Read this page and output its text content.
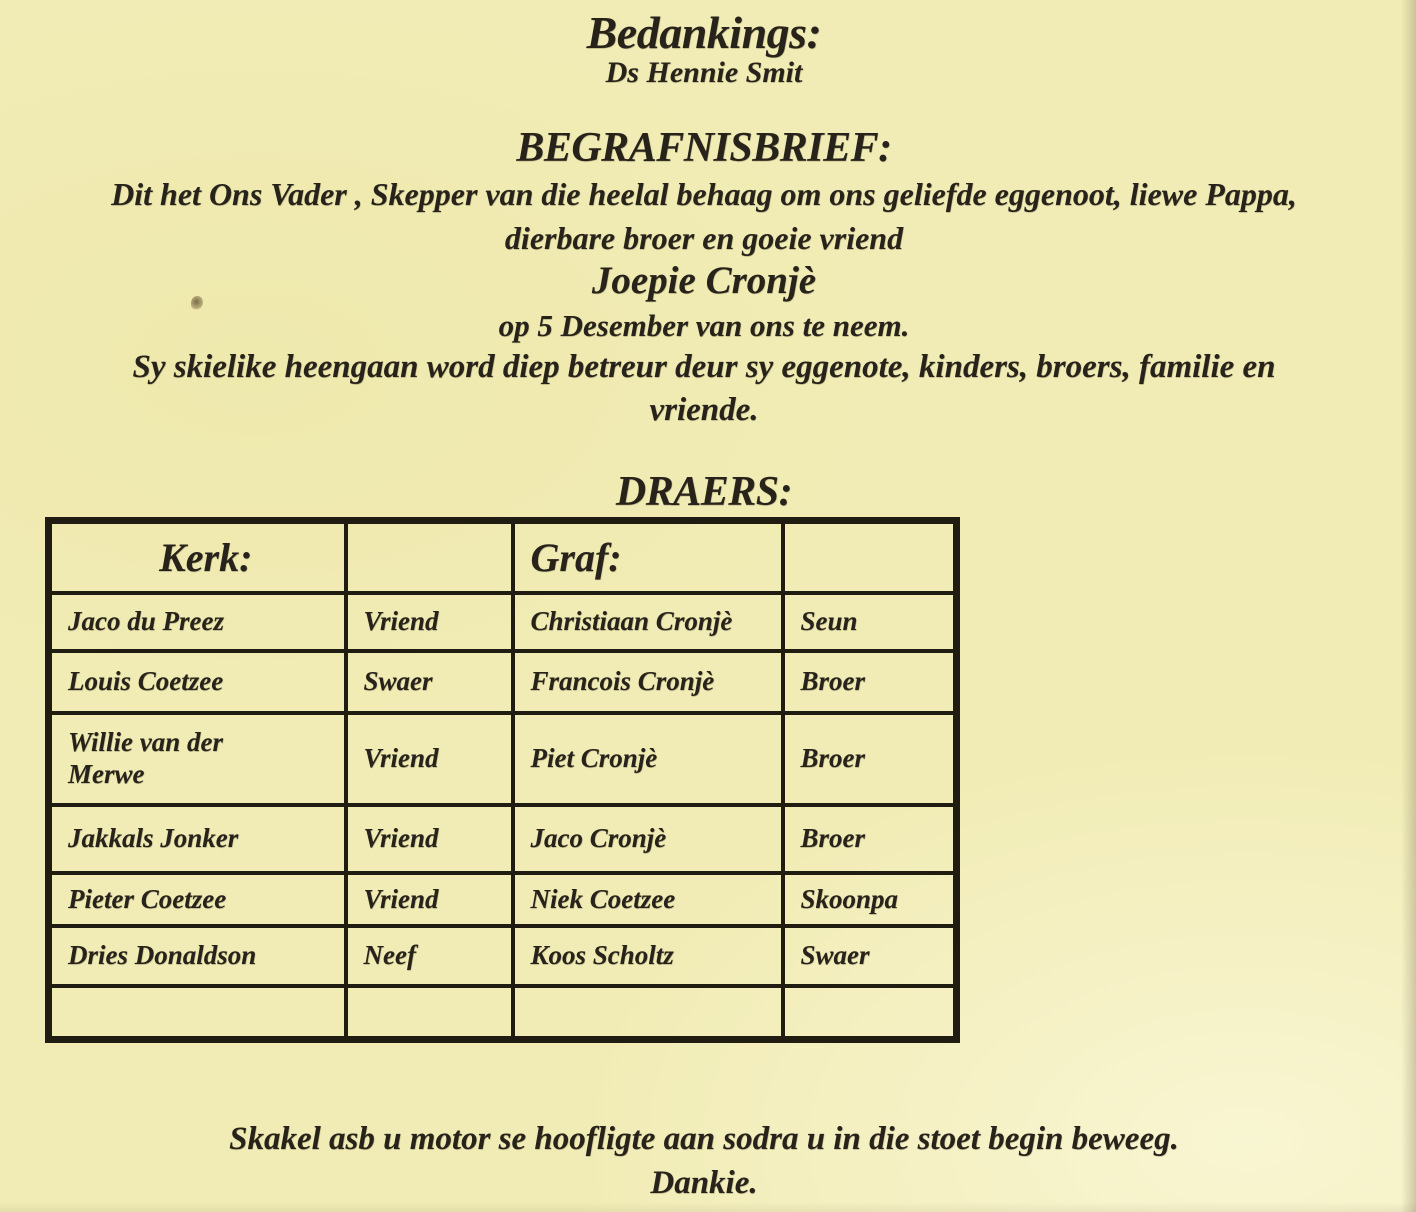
Bedankings:
Ds Hennie Smit
BEGRAFNISBRIEF:
Dit het Ons Vader , Skepper van die heelal behaag om ons geliefde eggenoot, liewe Pappa,
dierbare broer en goeie vriend
Joepie Cronjè
op 5 Desember van ons te neem.
Sy skielike heengaan word diep betreur deur sy eggenote, kinders, broers, familie en
vriende.
DRAERS:
Kerk:		Graf:	
Jaco du Preez	Vriend	Christiaan Cronjè	Seun
Louis Coetzee	Swaer	Francois Cronjè	Broer
Willie van der Merwe	Vriend	Piet Cronjè	Broer
Jakkals Jonker	Vriend	Jaco Cronjè	Broer
Pieter Coetzee	Vriend	Niek Coetzee	Skoonpa
Dries Donaldson	Neef	Koos Scholtz	Swaer

Skakel asb u motor se hoofligte aan sodra u in die stoet begin beweeg.
Dankie.
